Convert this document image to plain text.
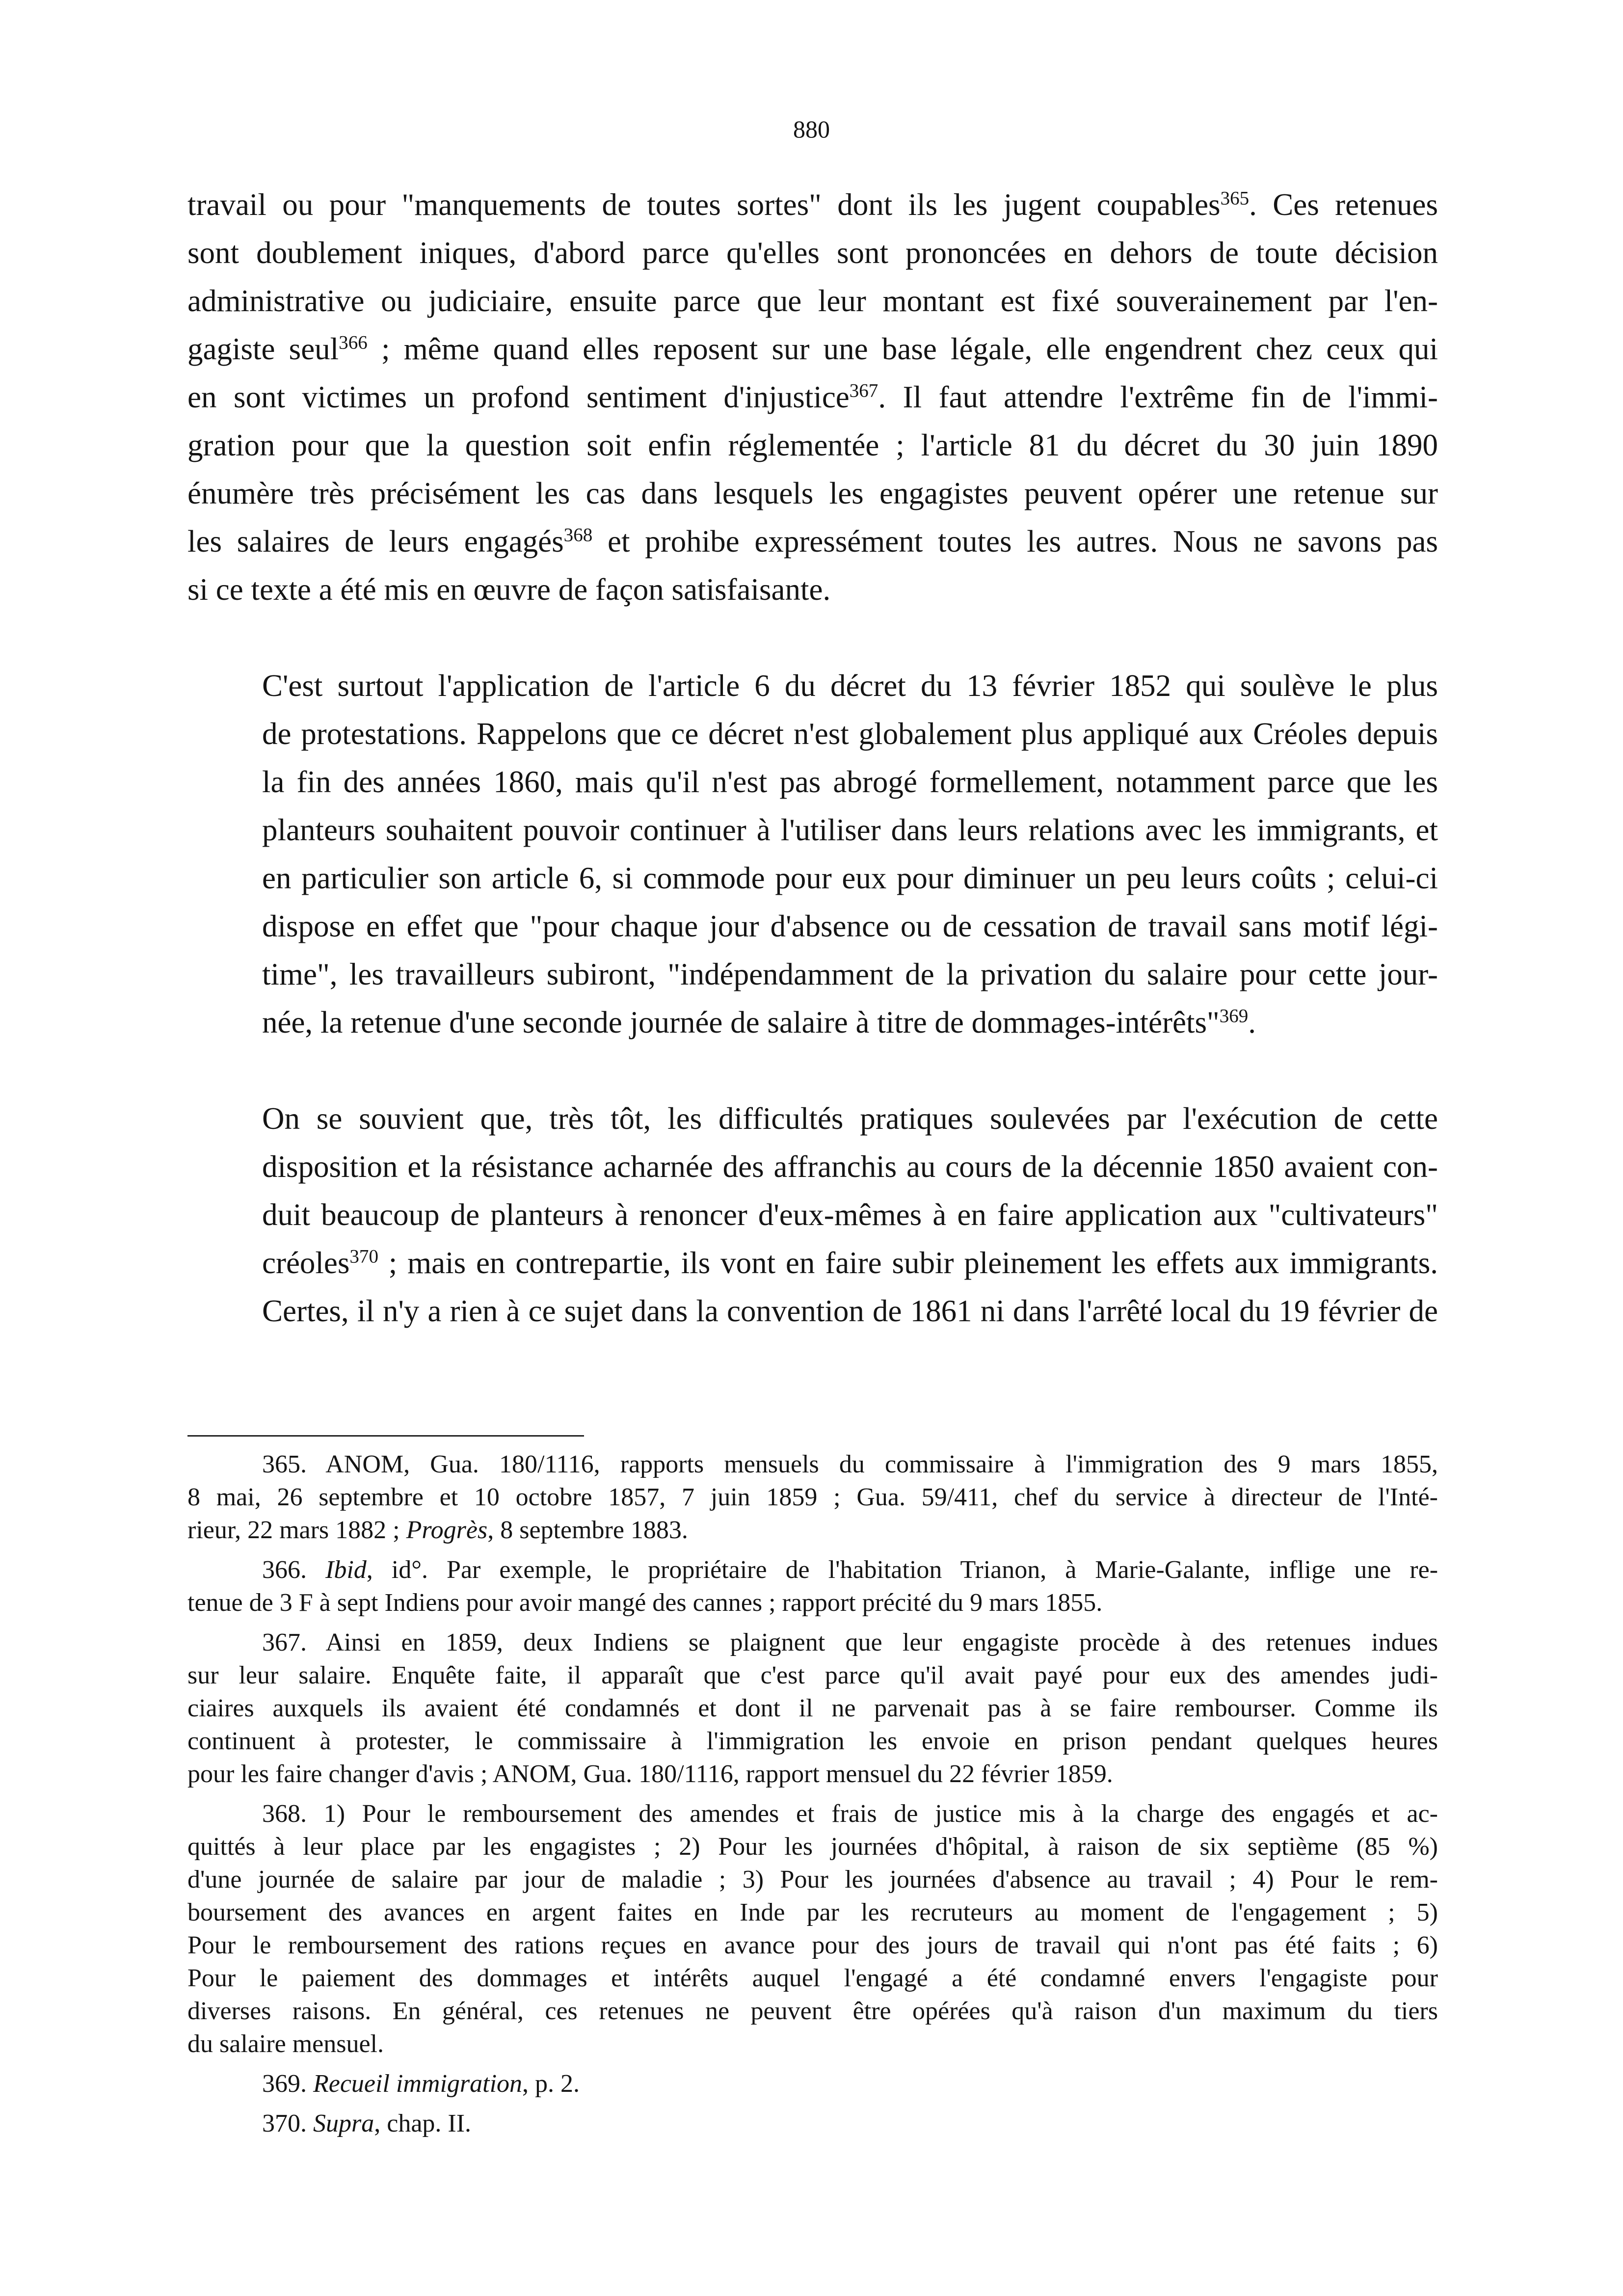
880

travail ou pour "manquements de toutes sortes" dont ils les jugent coupables$^{365}$. Ces retenues
sont doublement iniques, d'abord parce qu'elles sont prononcées en dehors de toute décision
administrative ou judiciaire, ensuite parce que leur montant est fixé souverainement par l'en-
gagiste seul$^{366}$ ; même quand elles reposent sur une base légale, elle engendrent chez ceux qui
en sont victimes un profond sentiment d'injustice$^{367}$. Il faut attendre l'extrême fin de l'immi-
gration pour que la question soit enfin réglementée ; l'article 81 du décret du 30 juin 1890
énumère très précisément les cas dans lesquels les engagistes peuvent opérer une retenue sur
les salaires de leurs engagés$^{368}$ et prohibe expressément toutes les autres. Nous ne savons pas
si ce texte a été mis en œuvre de façon satisfaisante.

C'est surtout l'application de l'article 6 du décret du 13 février 1852 qui soulève le plus
de protestations. Rappelons que ce décret n'est globalement plus appliqué aux Créoles depuis
la fin des années 1860, mais qu'il n'est pas abrogé formellement, notamment parce que les
planteurs souhaitent pouvoir continuer à l'utiliser dans leurs relations avec les immigrants, et
en particulier son article 6, si commode pour eux pour diminuer un peu leurs coûts ; celui-ci
dispose en effet que "pour chaque jour d'absence ou de cessation de travail sans motif légi-
time", les travailleurs subiront, "indépendamment de la privation du salaire pour cette jour-
née, la retenue d'une seconde journée de salaire à titre de dommages-intérêts"$^{369}$.

On se souvient que, très tôt, les difficultés pratiques soulevées par l'exécution de cette
disposition et la résistance acharnée des affranchis au cours de la décennie 1850 avaient con-
duit beaucoup de planteurs à renoncer d'eux-mêmes à en faire application aux "cultivateurs"
créoles$^{370}$ ; mais en contrepartie, ils vont en faire subir pleinement les effets aux immigrants.
Certes, il n'y a rien à ce sujet dans la convention de 1861 ni dans l'arrêté local du 19 février de

365. ANOM, Gua. 180/1116, rapports mensuels du commissaire à l'immigration des 9 mars 1855,
8 mai, 26 septembre et 10 octobre 1857, 7 juin 1859 ; Gua. 59/411, chef du service à directeur de l'Inté-
rieur, 22 mars 1882 ; Progrès, 8 septembre 1883.
366. Ibid, id°. Par exemple, le propriétaire de l'habitation Trianon, à Marie-Galante, inflige une re-
tenue de 3 F à sept Indiens pour avoir mangé des cannes ; rapport précité du 9 mars 1855.
367. Ainsi en 1859, deux Indiens se plaignent que leur engagiste procède à des retenues indues
sur leur salaire. Enquête faite, il apparaît que c'est parce qu'il avait payé pour eux des amendes judi-
ciaires auxquels ils avaient été condamnés et dont il ne parvenait pas à se faire rembourser. Comme ils
continuent à protester, le commissaire à l'immigration les envoie en prison pendant quelques heures
pour les faire changer d'avis ; ANOM, Gua. 180/1116, rapport mensuel du 22 février 1859.
368. 1) Pour le remboursement des amendes et frais de justice mis à la charge des engagés et ac-
quittés à leur place par les engagistes ; 2) Pour les journées d'hôpital, à raison de six septième (85 %)
d'une journée de salaire par jour de maladie ; 3) Pour les journées d'absence au travail ; 4) Pour le rem-
boursement des avances en argent faites en Inde par les recruteurs au moment de l'engagement ; 5)
Pour le remboursement des rations reçues en avance pour des jours de travail qui n'ont pas été faits ; 6)
Pour le paiement des dommages et intérêts auquel l'engagé a été condamné envers l'engagiste pour
diverses raisons. En général, ces retenues ne peuvent être opérées qu'à raison d'un maximum du tiers
du salaire mensuel.
369. Recueil immigration, p. 2.
370. Supra, chap. II.
